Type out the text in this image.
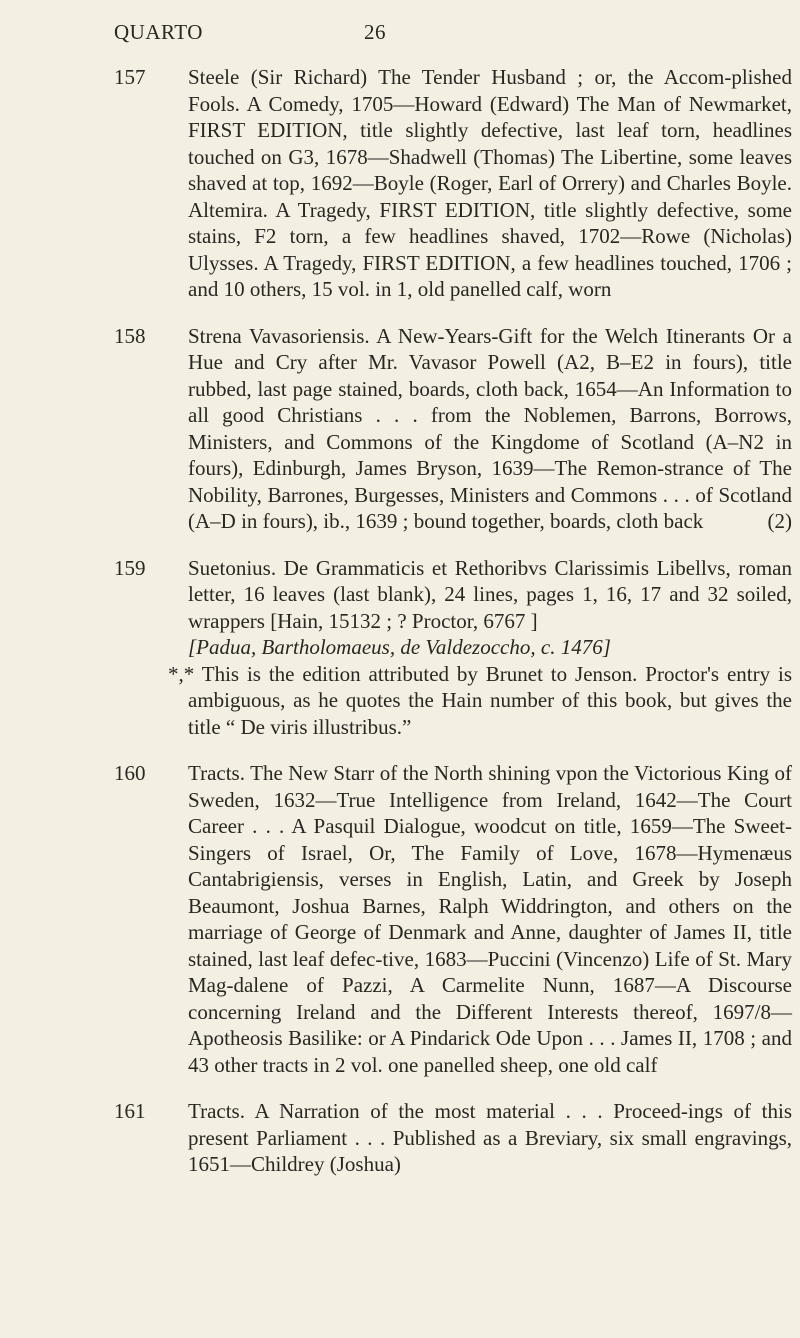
QUARTO	26
157	Steele (Sir Richard) The Tender Husband ; or, the Accom-plished Fools. A Comedy, 1705—Howard (Edward) The Man of Newmarket, FIRST EDITION, title slightly defective, last leaf torn, headlines touched on G3, 1678—Shadwell (Thomas) The Libertine, some leaves shaved at top, 1692—Boyle (Roger, Earl of Orrery) and Charles Boyle. Altemira. A Tragedy, FIRST EDITION, title slightly defective, some stains, F2 torn, a few headlines shaved, 1702—Rowe (Nicholas) Ulysses. A Tragedy, FIRST EDITION, a few headlines touched, 1706 ; and 10 others, 15 vol. in 1, old panelled calf, worn
158	Strena Vavasoriensis. A New-Years-Gift for the Welch Itinerants Or a Hue and Cry after Mr. Vavasor Powell (A2, B–E2 in fours), title rubbed, last page stained, boards, cloth back, 1654—An Information to all good Christians . . . from the Noblemen, Barrons, Borrows, Ministers, and Commons of the Kingdome of Scotland (A–N2 in fours), Edinburgh, James Bryson, 1639—The Remon-strance of The Nobility, Barrones, Burgesses, Ministers and Commons . . . of Scotland (A–D in fours), ib., 1639 ; bound together, boards, cloth back	(2)
159	Suetonius. De Grammaticis et Rethoribvs Clarissimis Libellvs, roman letter, 16 leaves (last blank), 24 lines, pages 1, 16, 17 and 32 soiled, wrappers [Hain, 15132 ; ? Proctor, 6767 ]
[Padua, Bartholomaeus, de Valdezoccho, c. 1476]
*,* This is the edition attributed by Brunet to Jenson. Proctor's entry is ambiguous, as he quotes the Hain number of this book, but gives the title “ De viris illustribus.”
160	Tracts. The New Starr of the North shining vpon the Victorious King of Sweden, 1632—True Intelligence from Ireland, 1642—The Court Career . . . A Pasquil Dialogue, woodcut on title, 1659—The Sweet-Singers of Israel, Or, The Family of Love, 1678—Hymenæus Cantabrigiensis, verses in English, Latin, and Greek by Joseph Beaumont, Joshua Barnes, Ralph Widdrington, and others on the marriage of George of Denmark and Anne, daughter of James II, title stained, last leaf defec-tive, 1683—Puccini (Vincenzo) Life of St. Mary Mag-dalene of Pazzi, A Carmelite Nunn, 1687—A Discourse concerning Ireland and the Different Interests thereof, 1697/8—Apotheosis Basilike: or A Pindarick Ode Upon . . . James II, 1708 ; and 43 other tracts in 2 vol. one panelled sheep, one old calf
161	Tracts. A Narration of the most material . . . Proceed-ings of this present Parliament . . . Published as a Breviary, six small engravings, 1651—Childrey (Joshua)
